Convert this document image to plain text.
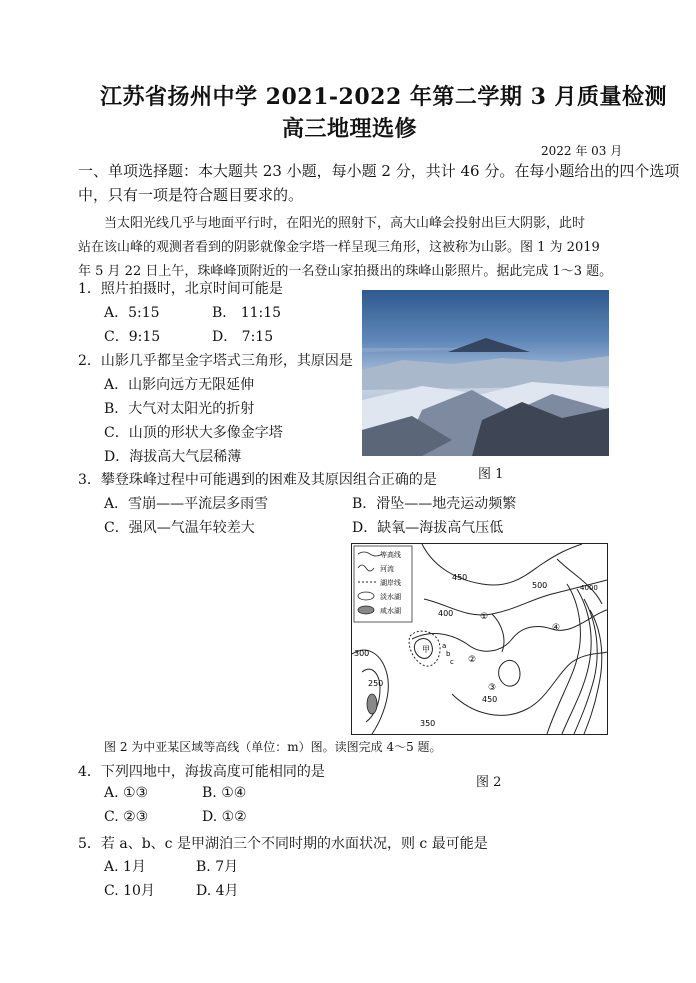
江苏省扬州中学 2021-2022 年第二学期 3 月质量检测
高三地理选修
2022 年 03 月
一、单项选择题：本大题共 23 小题，每小题 2 分，共计 46 分。在每小题给出的四个选项
中，只有一项是符合题目要求的。
当太阳光线几乎与地面平行时，在阳光的照射下，高大山峰会投射出巨大阴影，此时
站在该山峰的观测者看到的阴影就像金字塔一样呈现三角形，这被称为山影。图 1 为 2019
年 5 月 22 日上午，珠峰峰顶附近的一名登山家拍摄出的珠峰山影照片。据此完成 1～3 题。
1．照片拍摄时，北京时间可能是
A．5:15	B． 11:15
C．9:15	D． 7:15
2．山影几乎都呈金字塔式三角形，其原因是
A．山影向远方无限延伸
B．大气对太阳光的折射
C．山顶的形状大多像金字塔
D．海拔高大气层稀薄
图 1
3．攀登珠峰过程中可能遇到的困难及其原因组合正确的是
A．雪崩——平流层多雨雪	B．滑坠——地壳运动频繁
C．强风—气温年较差大	D．缺氧—海拔高气压低
等高线
河流
湖岸线
淡水湖
咸水湖
450
500
400
300
250
350
450
4000
①
②
③
④
甲 a
b
c
图 2 为中亚某区域等高线（单位：m）图。读图完成 4～5 题。
图 2
4．下列四地中，海拔高度可能相同的是
A. ①③	B. ①④
C. ②③	D. ①②
5．若 a、b、c 是甲湖泊三个不同时期的水面状况，则 c 最可能是
A. 1月	B. 7月
C. 10月	D. 4月
